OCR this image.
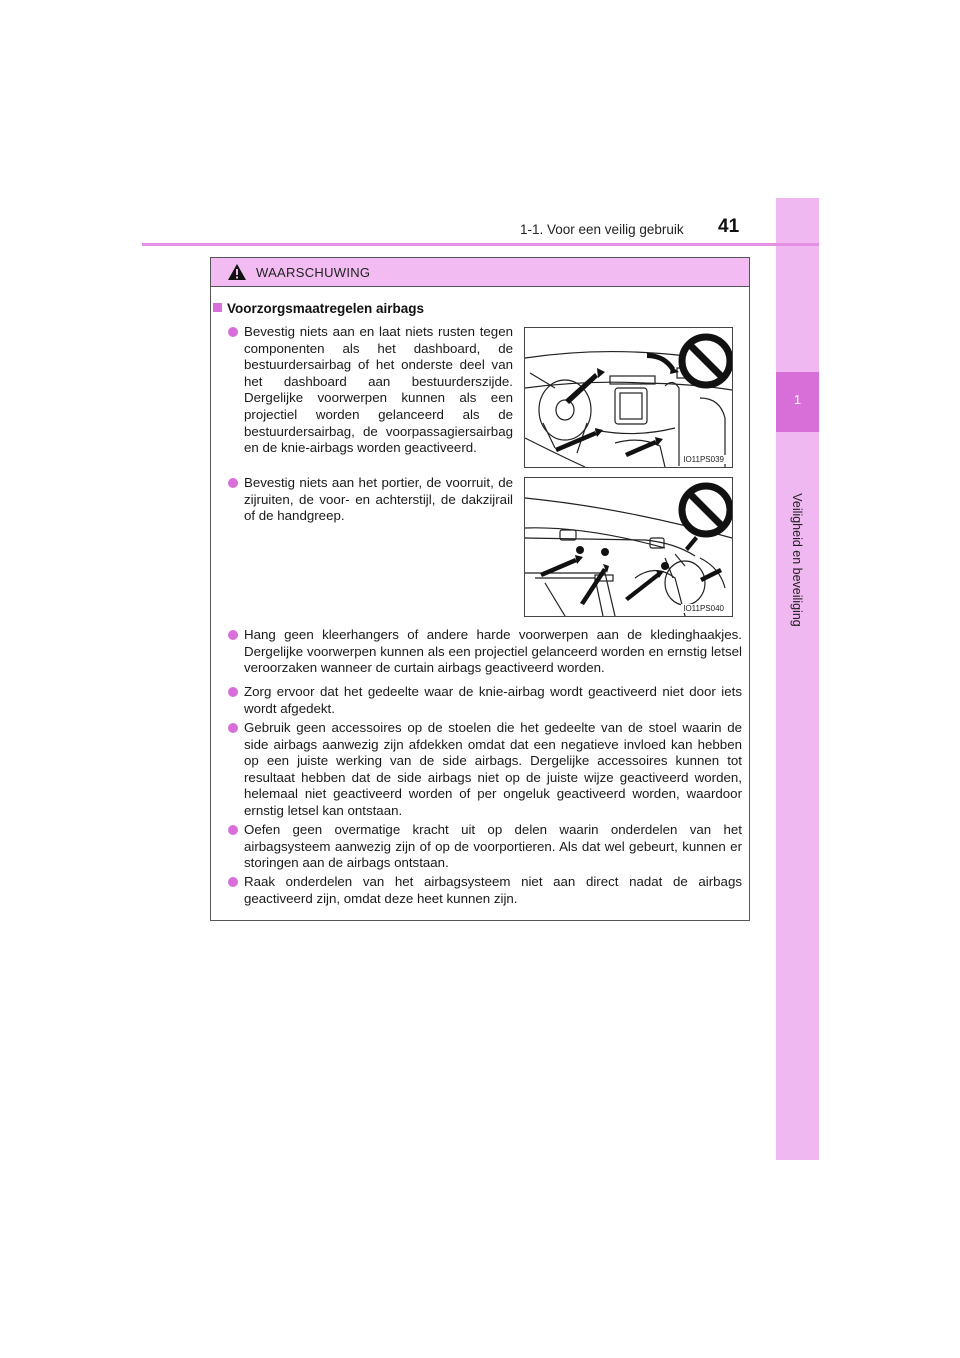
1
Veiligheid en beveiliging
1-1. Voor een veilig gebruik 41
WAARSCHUWING
Voorzorgsmaatregelen airbags
Bevestig niets aan en laat niets rusten tegen componenten als het dashboard, de bestuurdersairbag of het onderste deel van het dashboard aan bestuurderszijde. Dergelijke voorwerpen kunnen als een projectiel worden gelanceerd als de bestuurdersairbag, de voorpassagiersairbag en de knie-airbags worden geactiveerd.
Bevestig niets aan het portier, de voorruit, de zijruiten, de voor- en achterstijl, de dakzijrail of de handgreep.
Hang geen kleerhangers of andere harde voorwerpen aan de kledinghaakjes. Dergelijke voorwerpen kunnen als een projectiel gelanceerd worden en ernstig letsel veroorzaken wanneer de curtain airbags geactiveerd worden.
Zorg ervoor dat het gedeelte waar de knie-airbag wordt geactiveerd niet door iets wordt afgedekt.
Gebruik geen accessoires op de stoelen die het gedeelte van de stoel waarin de side airbags aanwezig zijn afdekken omdat dat een negatieve invloed kan hebben op een juiste werking van de side airbags. Dergelijke accessoires kunnen tot resultaat hebben dat de side airbags niet op de juiste wijze geactiveerd worden, helemaal niet geactiveerd worden of per ongeluk geactiveerd worden, waardoor ernstig letsel kan ontstaan.
Oefen geen overmatige kracht uit op delen waarin onderdelen van het airbagsysteem aanwezig zijn of op de voorportieren. Als dat wel gebeurt, kunnen er storingen aan de airbags ontstaan.
Raak onderdelen van het airbagsysteem niet aan direct nadat de airbags geactiveerd zijn, omdat deze heet kunnen zijn.
IO11PS039
IO11PS040
